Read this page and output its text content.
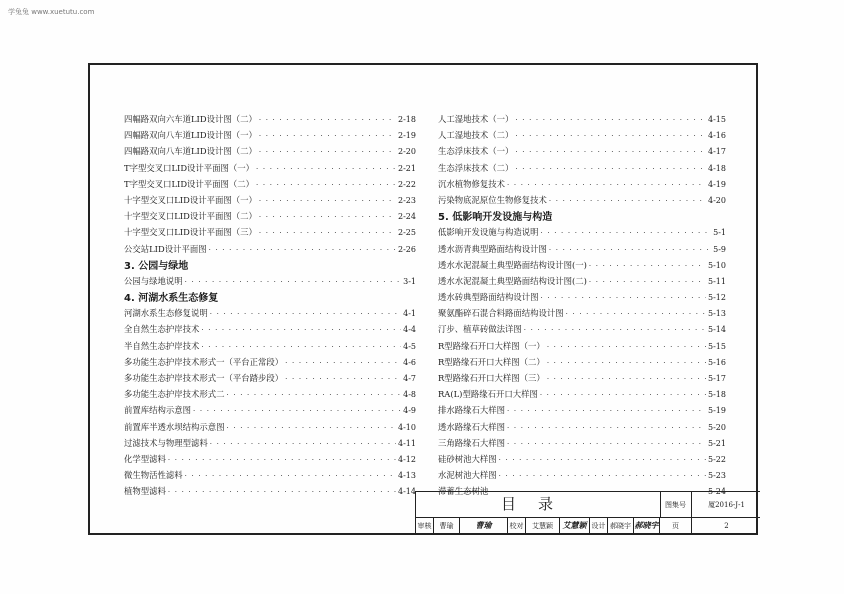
学兔兔 www.xuetutu.com
四幅路双向六车道LID设计图（二） · · ·	2-18
四幅路双向八车道LID设计图（一） · · ·	2-19
四幅路双向八车道LID设计图（二） · · ·	2-20
T字型交叉口LID设计平面图（一） · · ·	2-21
T字型交叉口LID设计平面图（二） · · ·	2-22
十字型交叉口LID设计平面图（一） · · ·	2-23
十字型交叉口LID设计平面图（二） · · ·	2-24
十字型交叉口LID设计平面图（三） · · ·	2-25
公交站LID设计平面图 · · ·	2-26
3. 公园与绿地
公园与绿地说明 · · ·	3-1
4. 河湖水系生态修复
河湖水系生态修复说明 · · ·	4-1
全自然生态护岸技术 · · ·	4-4
半自然生态护岸技术 · · ·	4-5
多功能生态护岸技术形式一（平台正常段） · · ·	4-6
多功能生态护岸技术形式一（平台踏步段） · · ·	4-7
多功能生态护岸技术形式二 · · ·	4-8
前置库结构示意图 · · ·	4-9
前置库半透水坝结构示意图 · · ·	4-10
过滤技术与物理型滤料 · · ·	4-11
化学型滤料 · · ·	4-12
微生物活性滤料 · · ·	4-13
植物型滤料 · · ·	4-14
人工湿地技术（一） · · ·	4-15
人工湿地技术（二） · · ·	4-16
生态浮床技术（一） · · ·	4-17
生态浮床技术（二） · · ·	4-18
沉水植物修复技术 · · ·	4-19
污染物底泥原位生物修复技术 · · ·	4-20
5. 低影响开发设施与构造
低影响开发设施与构造说明 · · ·	5-1
透水沥青典型路面结构设计图 · · ·	5-9
透水水泥混凝土典型路面结构设计图(一) · · ·	5-10
透水水泥混凝土典型路面结构设计图(二) · · ·	5-11
透水砖典型路面结构设计图 · · ·	5-12
聚氨酯碎石混合料路面结构设计图 · · ·	5-13
汀步、植草砖做法详图 · · ·	5-14
R型路缘石开口大样图（一） · · ·	5-15
R型路缘石开口大样图（二） · · ·	5-16
R型路缘石开口大样图（三） · · ·	5-17
RA(L)型路缘石开口大样图 · · ·	5-18
排水路缘石大样图 · · ·	5-19
透水路缘石大样图 · · ·	5-20
三角路缘石大样图 · · ·	5-21
硅砂树池大样图 · · ·	5-22
水泥树池大样图 · · ·	5-23
滞蓄生态树池 · · ·	5-24
目录	图集号	厦2016-J-1
审核	曹瑜	曹瑜	校对	艾慧颖	艾慧颖 设计 郝晓宇 郝晓宇	页	2
